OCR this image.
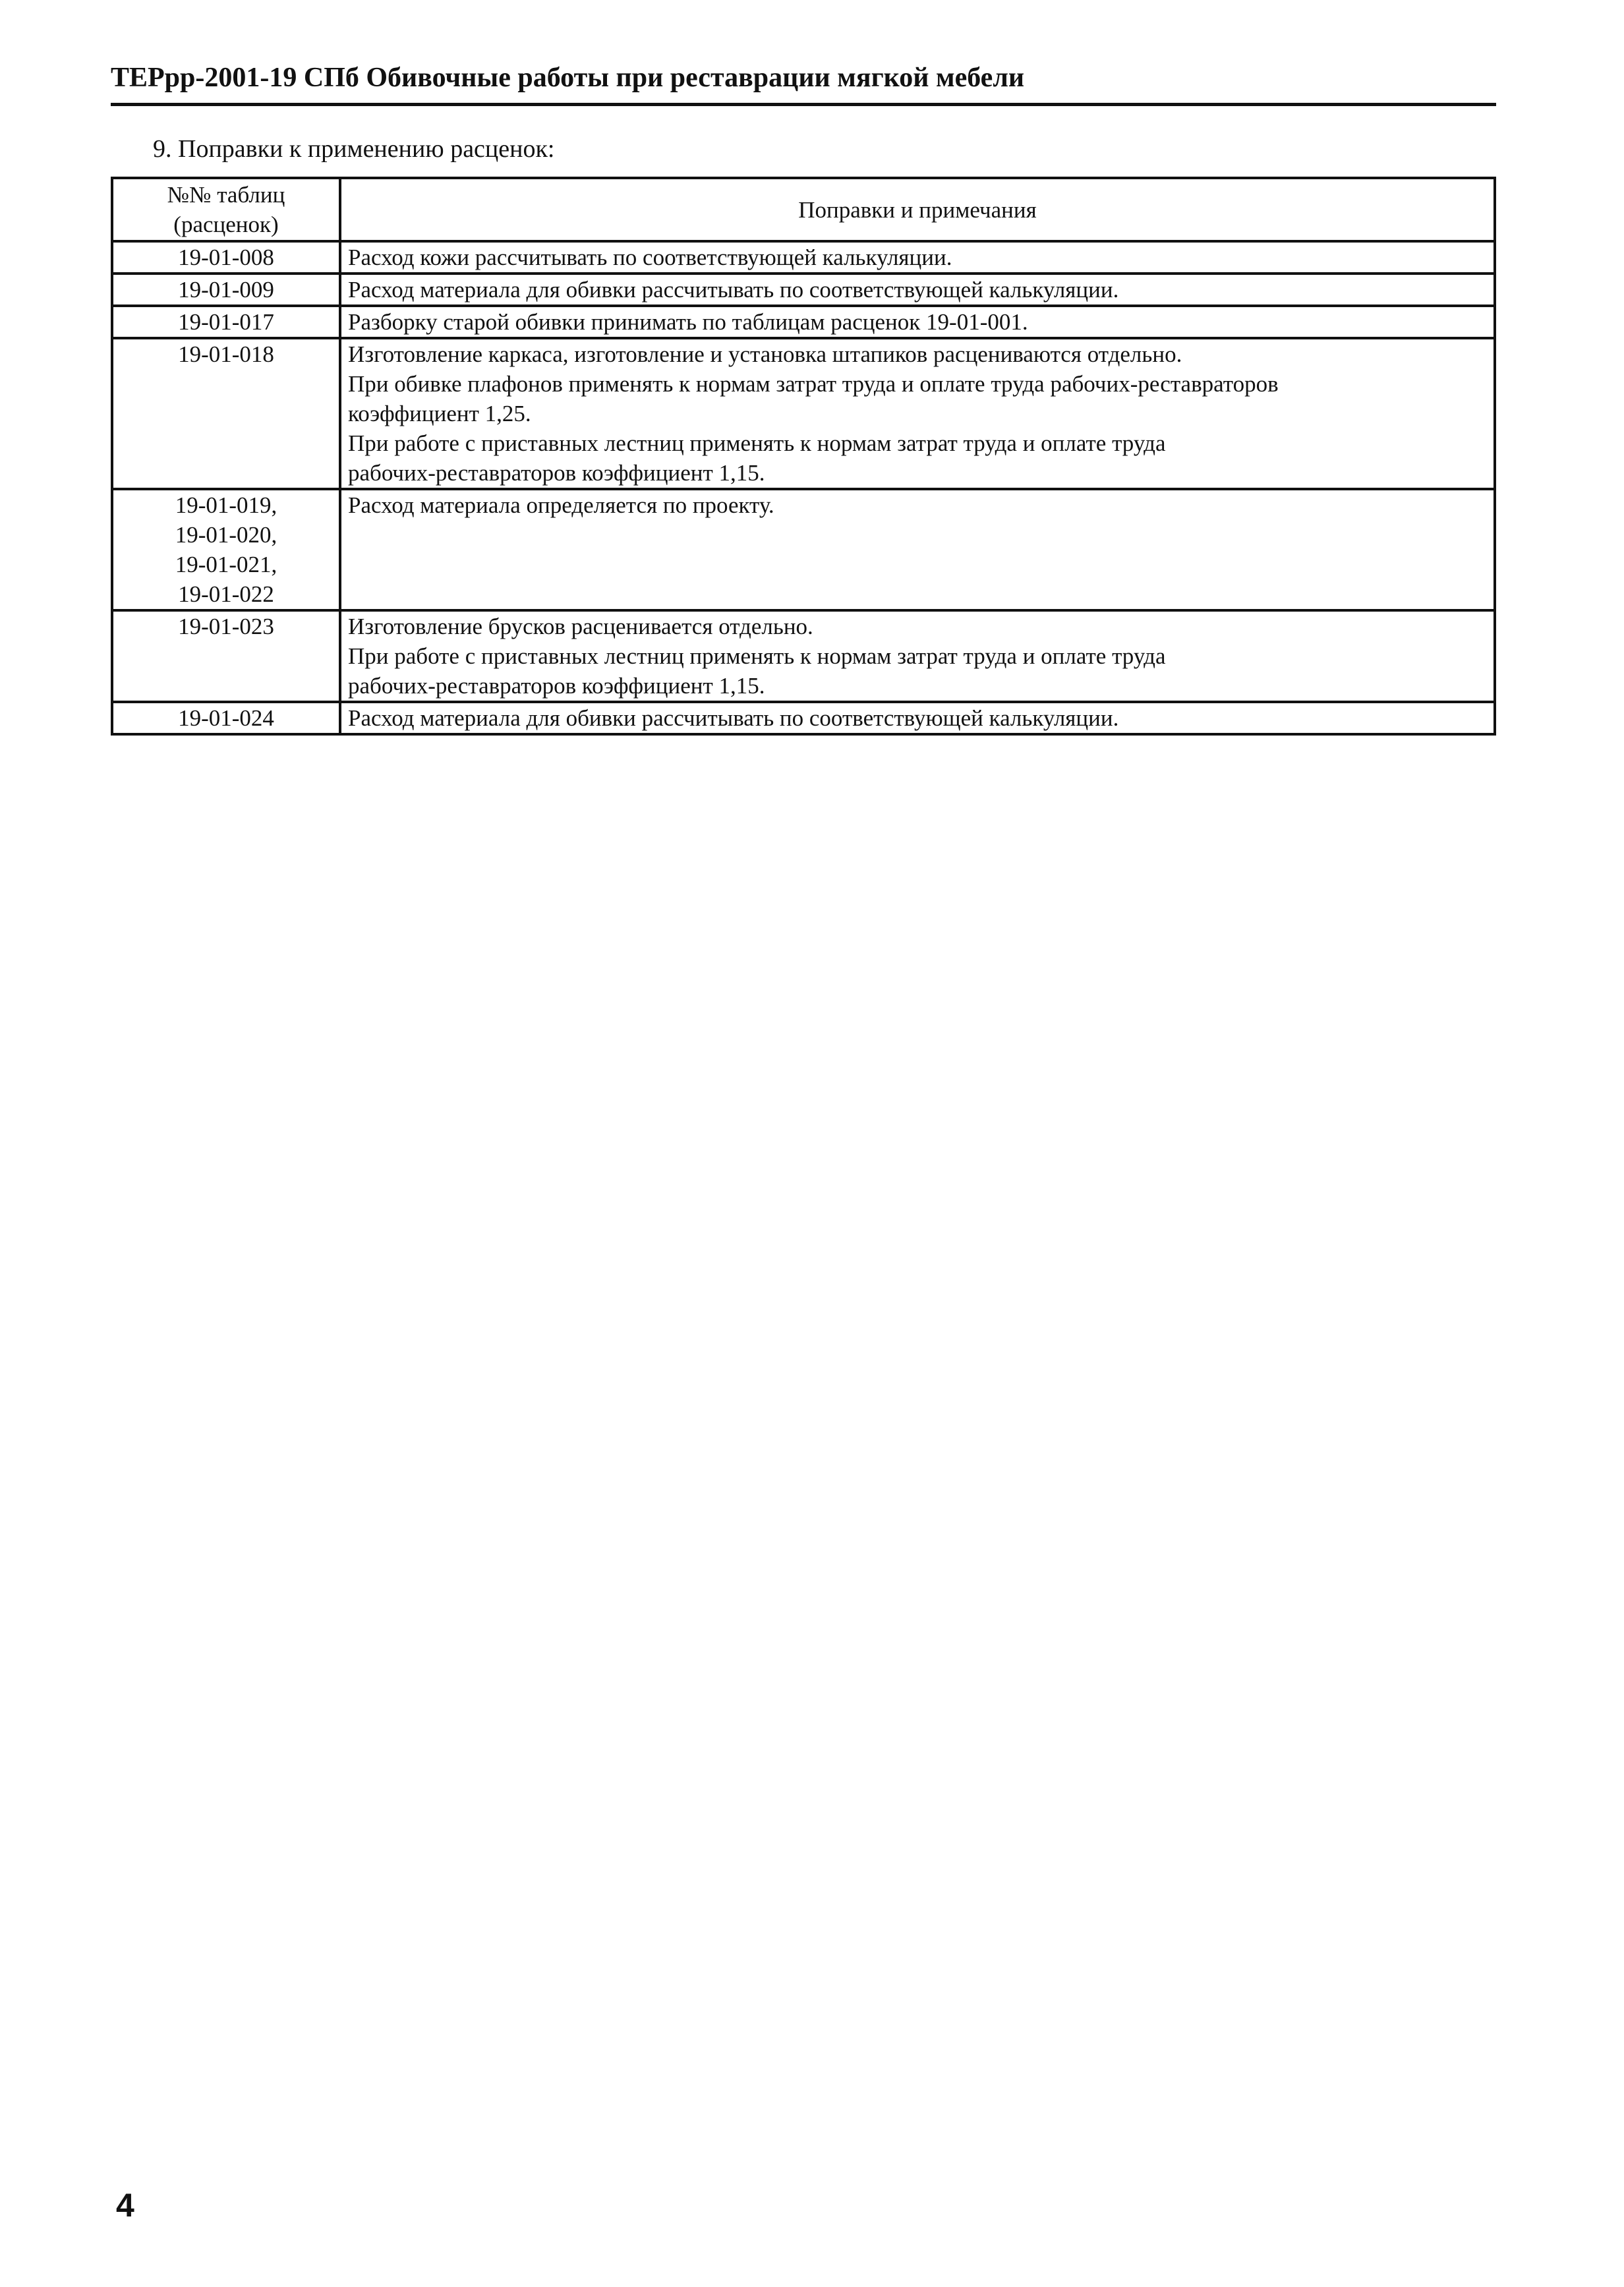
ТЕРрр-2001-19 СПб Обивочные работы при реставрации мягкой мебели
9. Поправки к применению расценок:
№№ таблиц
(расценок)	Поправки и примечания

19-01-008	Расход кожи рассчитывать по соответствующей калькуляции.

19-01-009	Расход материала для обивки рассчитывать по соответствующей калькуляции.

19-01-017	Разборку старой обивки принимать по таблицам расценок 19-01-001.

19-01-018	Изготовление каркаса, изготовление и установка штапиков расцениваются отдельно.
При обивке плафонов применять к нормам затрат труда и оплате труда рабочих-реставраторов
коэффициент 1,25.
При работе с приставных лестниц применять к нормам затрат труда и оплате труда
рабочих-реставраторов коэффициент 1,15.

19-01-019,
19-01-020,
19-01-021,
19-01-022	Расход материала определяется по проекту.

19-01-023	Изготовление брусков расценивается отдельно.
При работе с приставных лестниц применять к нормам затрат труда и оплате труда
рабочих-реставраторов коэффициент 1,15.

19-01-024	Расход материала для обивки рассчитывать по соответствующей калькуляции.
4
